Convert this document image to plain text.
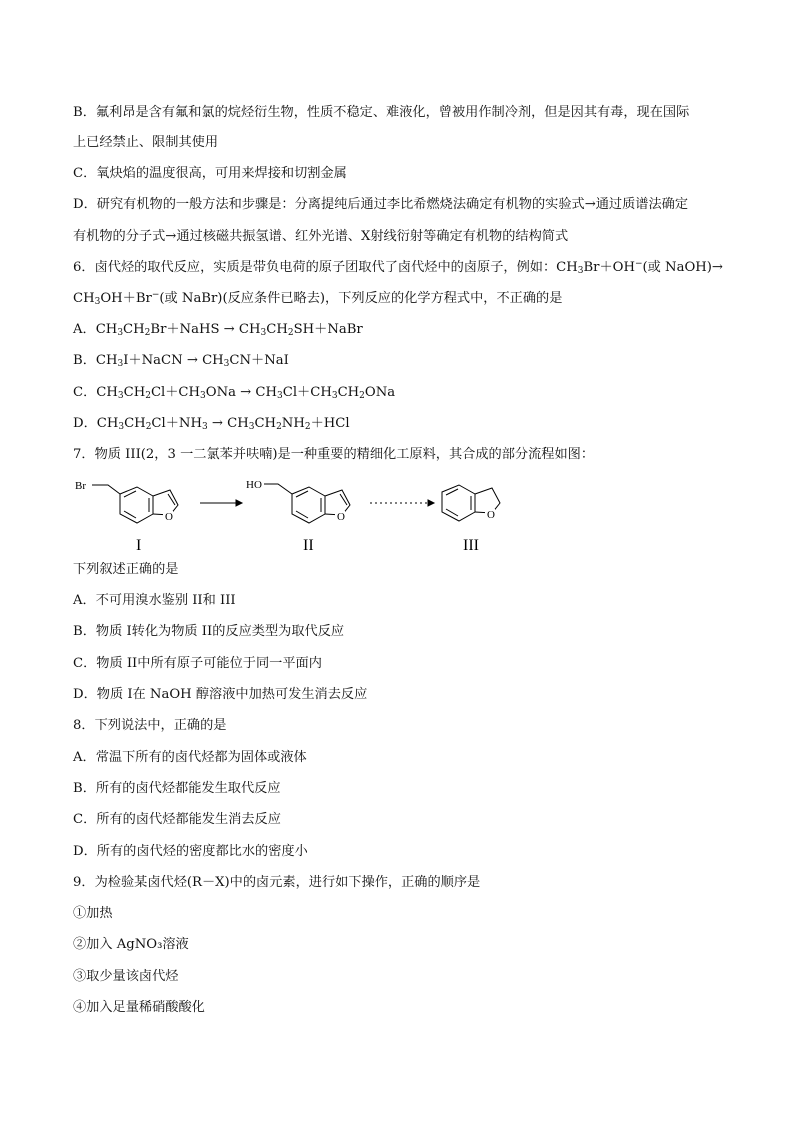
B．氟利昂是含有氟和氯的烷烃衍生物，性质不稳定、难液化，曾被用作制冷剂，但是因其有毒，现在国际
上已经禁止、限制其使用
C．氧炔焰的温度很高，可用来焊接和切割金属
D．研究有机物的一般方法和步骤是：分离提纯后通过李比希燃烧法确定有机物的实验式→通过质谱法确定
有机物的分子式→通过核磁共振氢谱、红外光谱、X射线衍射等确定有机物的结构简式
6．卤代烃的取代反应，实质是带负电荷的原子团取代了卤代烃中的卤原子，例如：$CH_3Br+OH^-$(或 NaOH)→
$CH_3OH+Br^-$(或 NaBr)(反应条件已略去)，下列反应的化学方程式中，不正确的是
A．$CH_3CH_2Br+NaHS$ → $CH_3CH_2SH+NaBr$
B．$CH_3I+NaCN \to CH_3CN+NaI$
C．$CH_3CH_2Cl+CH_3ONa \to CH_3Cl+CH_3CH_2ONa$
D．$CH_3CH_2Cl+NH_3 \to CH_3CH_2NH_2+HCl$
7．物质 III(2，3 一二氯苯并呋喃)是一种重要的精细化工原料，其合成的部分流程如图：
Br
O
HO
O	O
I	II	III
下列叙述正确的是
A．不可用溴水鉴别 II和 III
B．物质 I转化为物质 II的反应类型为取代反应
C．物质 II中所有原子可能位于同一平面内
D．物质 I在 NaOH 醇溶液中加热可发生消去反应
8．下列说法中，正确的是
A．常温下所有的卤代烃都为固体或液体
B．所有的卤代烃都能发生取代反应
C．所有的卤代烃都能发生消去反应
D．所有的卤代烃的密度都比水的密度小
9．为检验某卤代烃(R－X)中的卤元素，进行如下操作，正确的顺序是
①加热
②加入 AgNO₃溶液
③取少量该卤代烃
④加入足量稀硝酸酸化
